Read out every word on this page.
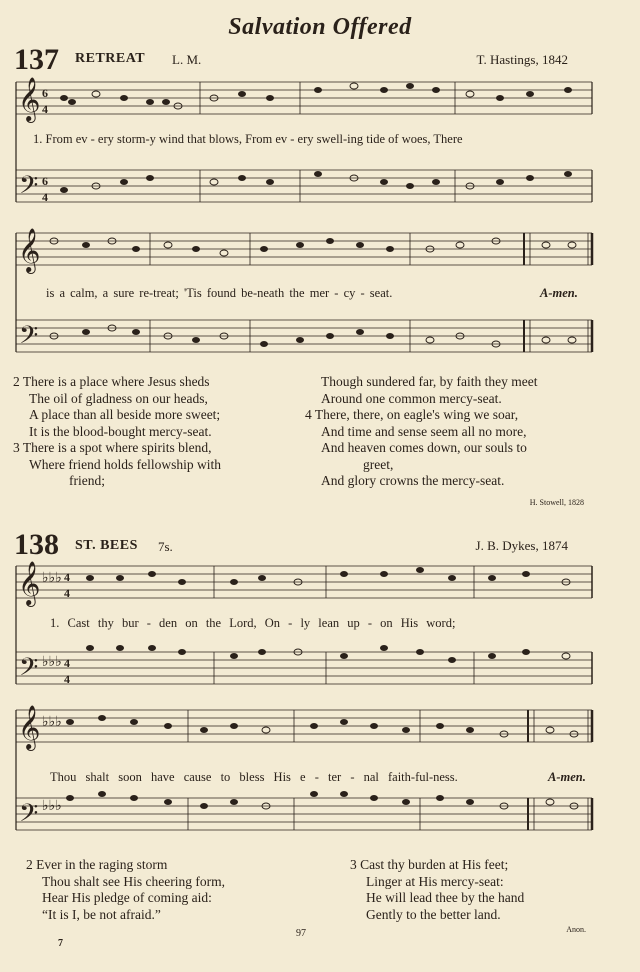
Salvation Offered
137 RETREAT L. M.	T. Hastings, 1842
𝄞
𝄢
6
4
6
4
1. From ev - ery storm-y wind that blows, From ev - ery swell-ing tide of woes, There
𝄞
𝄢
is a calm, a sure re-treat; 'Tis found be-neath the mer - cy - seat.	A-men.
2 There is a place where Jesus sheds
The oil of gladness on our heads,
A place than all beside more sweet;
It is the blood-bought mercy-seat.
3 There is a spot where spirits blend,
Where friend holds fellowship with
friend;
Though sundered far, by faith they meet
Around one common mercy-seat.
4 There, there, on eagle's wing we soar,
And time and sense seem all no more,
And heaven comes down, our souls to
greet,
And glory crowns the mercy-seat.
H. Stowell, 1828
138 ST. BEES 7s.	J. B. Dykes, 1874
𝄞
𝄢
♭♭♭
♭♭♭
4
4
4
4
1. Cast thy bur - den on the Lord, On - ly lean up - on His word;
𝄞
𝄢
♭♭♭
♭♭♭
Thou shalt soon have cause to bless His e - ter - nal faith-ful-ness.	A-men.
2 Ever in the raging storm
Thou shalt see His cheering form,
Hear His pledge of coming aid:
“It is I, be not afraid.”
3 Cast thy burden at His feet;
Linger at His mercy-seat:
He will lead thee by the hand
Gently to the better land.
Anon.
7
97
